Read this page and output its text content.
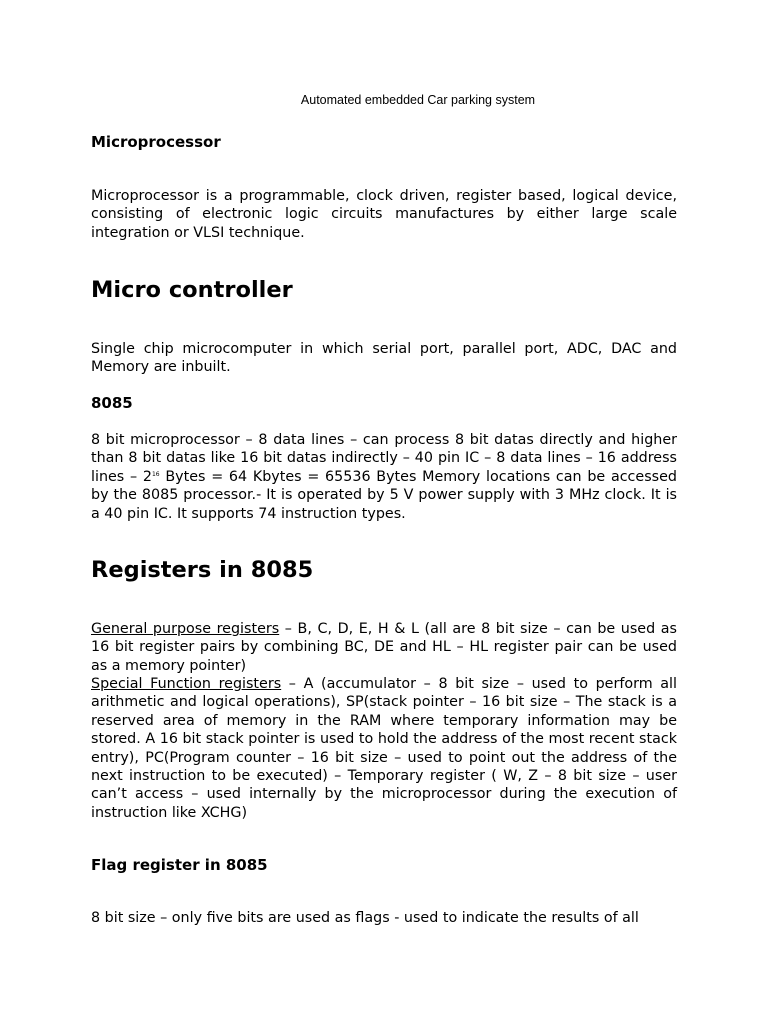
Automated embedded Car parking system
Microprocessor
Microprocessor is a programmable, clock driven, register based, logical device, consisting of electronic logic circuits manufactures by either large scale integration or VLSI technique.
Micro controller
Single chip microcomputer in which serial port, parallel port, ADC, DAC and Memory are inbuilt.
8085
8 bit microprocessor – 8 data lines – can process 8 bit datas directly and higher than 8 bit datas like 16 bit datas indirectly – 40 pin IC – 8 data lines – 16 address lines – $2^{16}$ Bytes = 64 Kbytes = 65536 Bytes Memory locations can be accessed by the 8085 processor.- It is operated by 5 V power supply with 3 MHz clock. It is a 40 pin IC. It supports 74 instruction types.
Registers in 8085
General purpose registers – B, C, D, E, H & L (all are 8 bit size – can be used as 16 bit register pairs by combining BC, DE and HL – HL register pair can be used as a memory pointer)
Special Function registers – A (accumulator – 8 bit size – used to perform all arithmetic and logical operations), SP(stack pointer – 16 bit size – The stack is a reserved area of memory in the RAM where temporary information may be stored. A 16 bit stack pointer is used to hold the address of the most recent stack entry), PC(Program counter – 16 bit size – used to point out the address of the next instruction to be executed) – Temporary register ( W, Z – 8 bit size – user can’t access – used internally by the microprocessor during the execution of instruction like XCHG)
Flag register in 8085
8 bit size – only five bits are used as flags - used to indicate the results of all
